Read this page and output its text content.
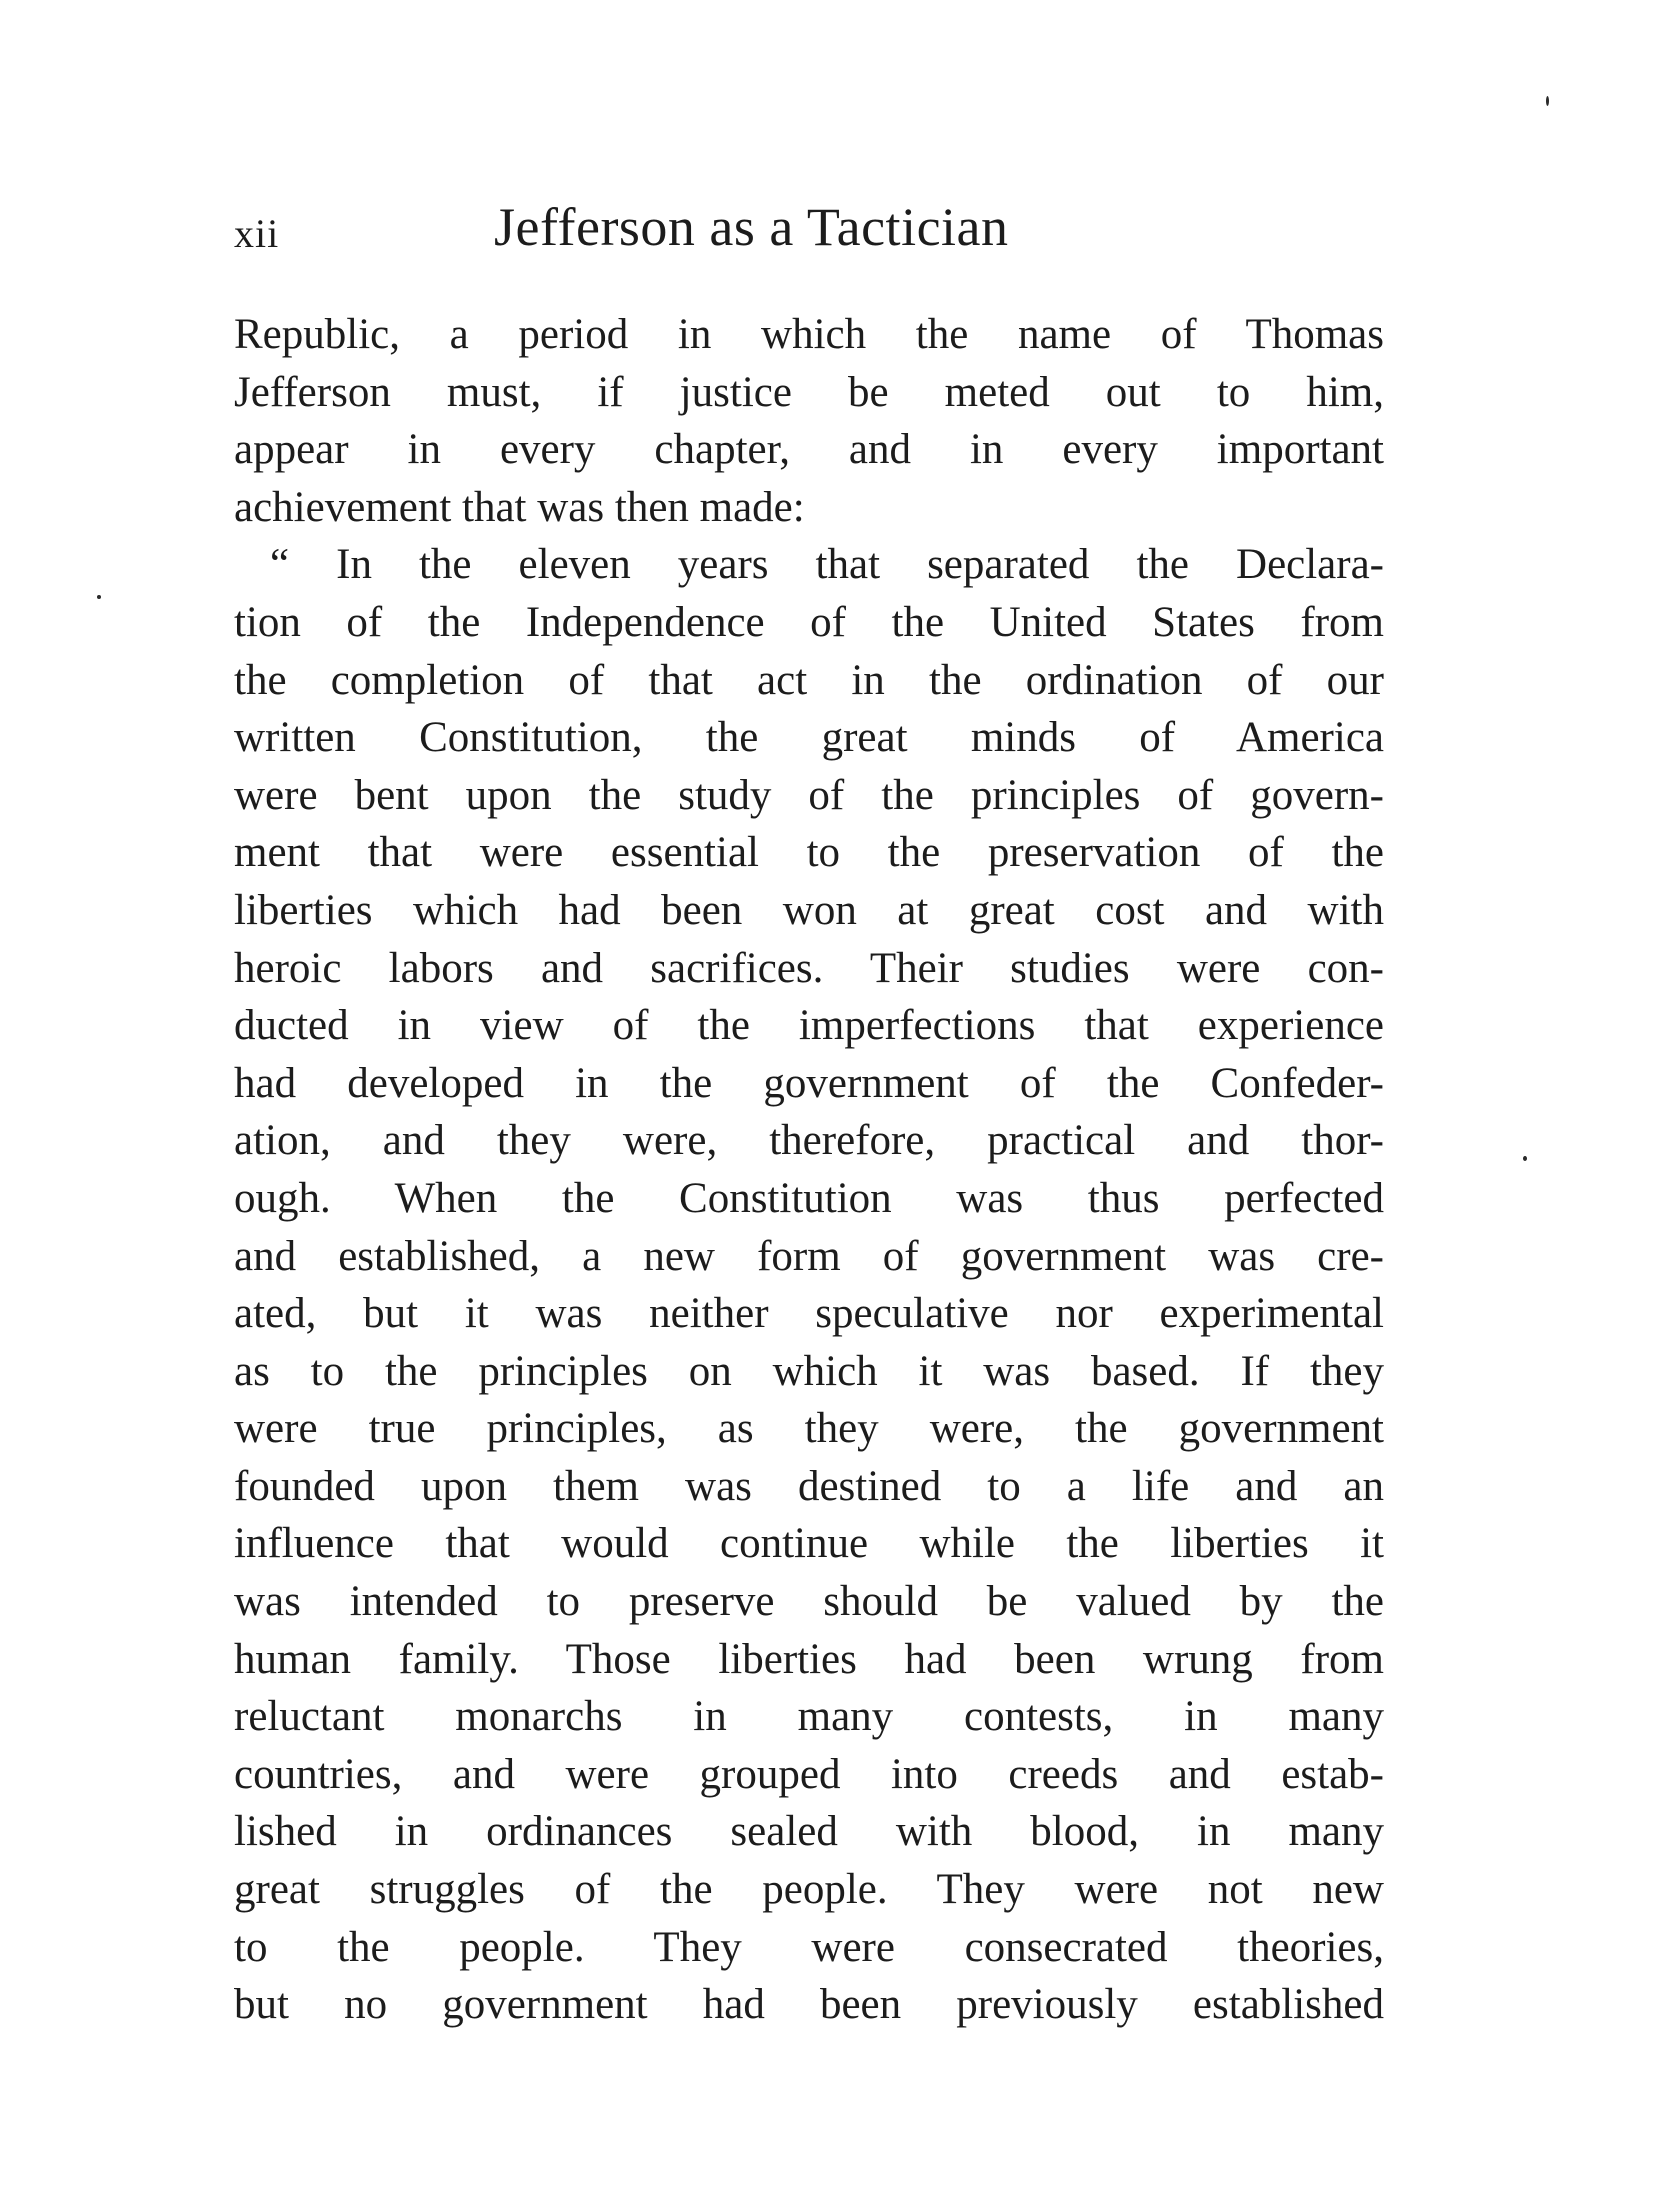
xii	Jefferson as a Tactician
Republic, a period in which the name of Thomas
Jefferson must, if justice be meted out to him,
appear in every chapter, and in every important
achievement that was then made:
“ In the eleven years that separated the Declara-
tion of the Independence of the United States from
the completion of that act in the ordination of our
written Constitution, the great minds of America
were bent upon the study of the principles of govern-
ment that were essential to the preservation of the
liberties which had been won at great cost and with
heroic labors and sacrifices. Their studies were con-
ducted in view of the imperfections that experience
had developed in the government of the Confeder-
ation, and they were, therefore, practical and thor-
ough. When the Constitution was thus perfected
and established, a new form of government was cre-
ated, but it was neither speculative nor experimental
as to the principles on which it was based. If they
were true principles, as they were, the government
founded upon them was destined to a life and an
influence that would continue while the liberties it
was intended to preserve should be valued by the
human family. Those liberties had been wrung from
reluctant monarchs in many contests, in many
countries, and were grouped into creeds and estab-
lished in ordinances sealed with blood, in many
great struggles of the people. They were not new
to the people. They were consecrated theories,
but no government had been previously established
